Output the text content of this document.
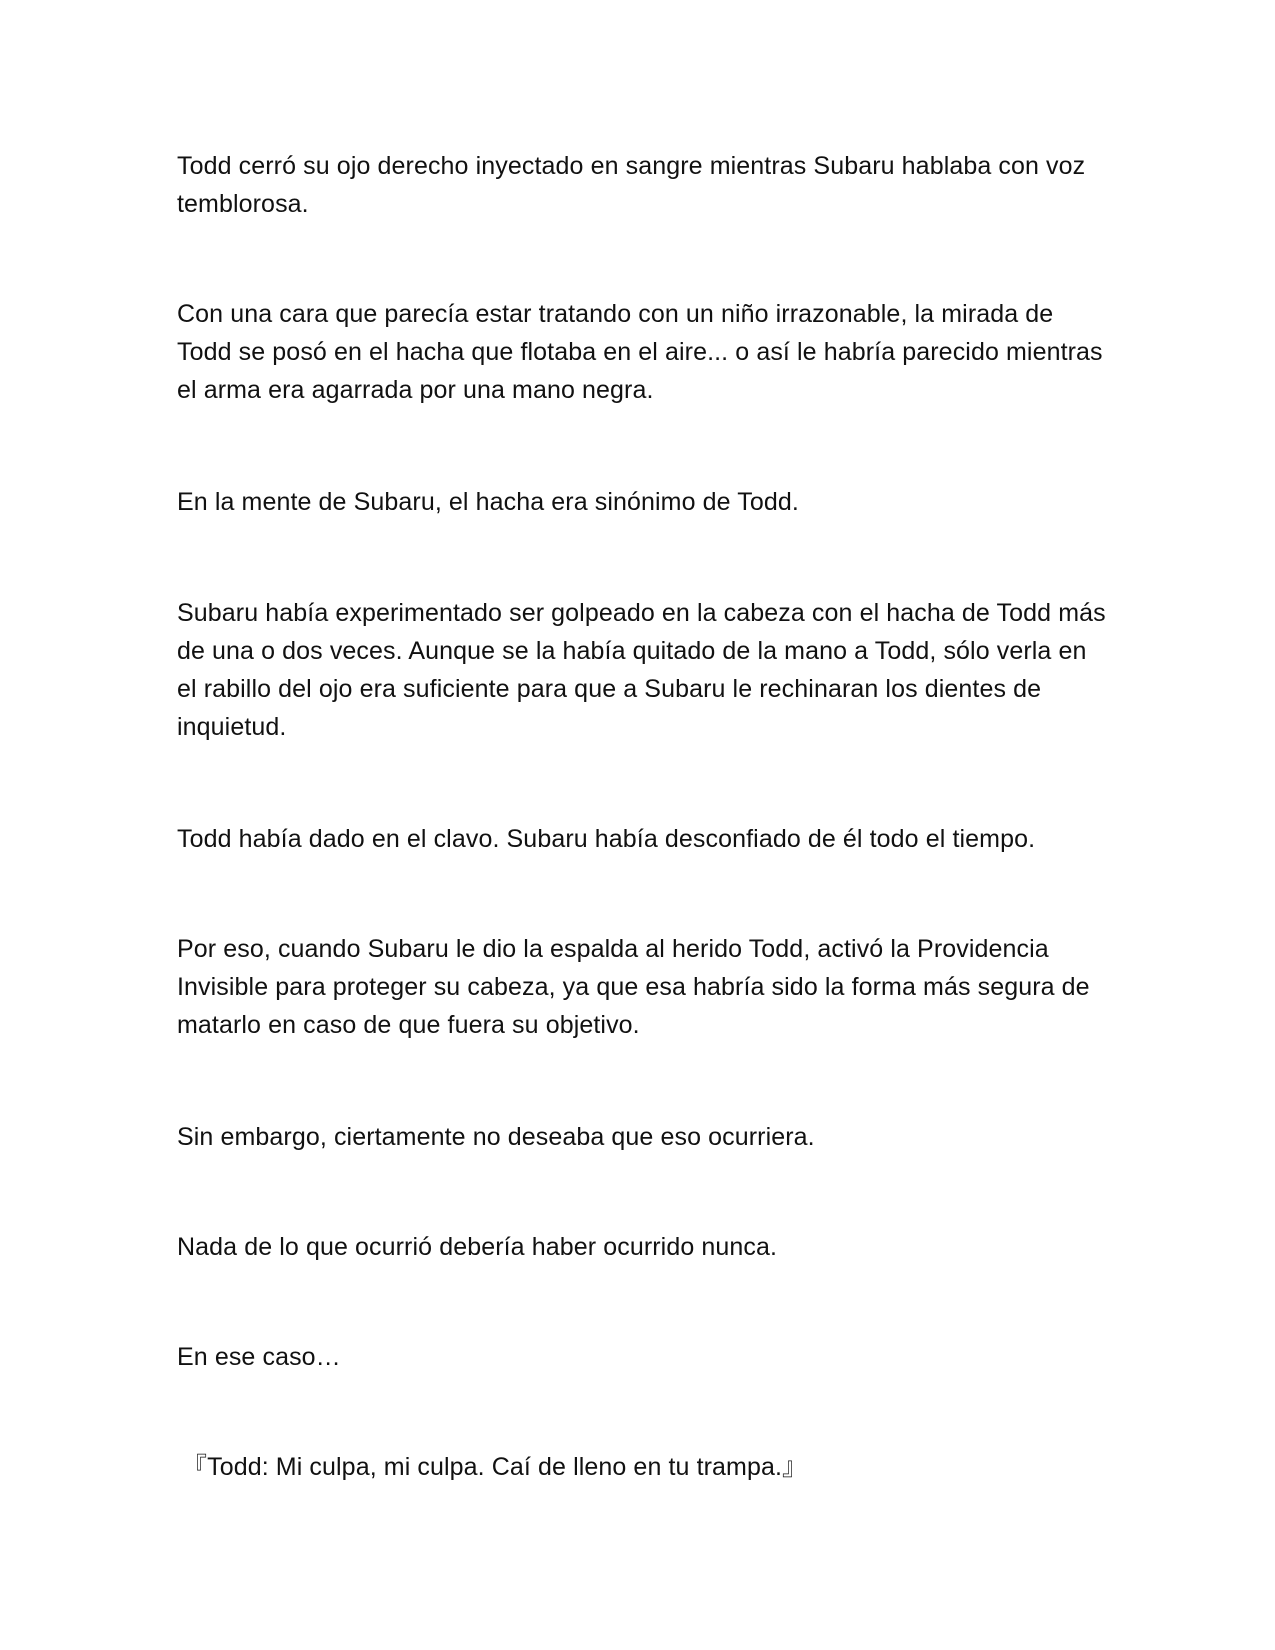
Todd cerró su ojo derecho inyectado en sangre mientras Subaru hablaba con voz temblorosa.

Con una cara que parecía estar tratando con un niño irrazonable, la mirada de Todd se posó en el hacha que flotaba en el aire... o así le habría parecido mientras el arma era agarrada por una mano negra.

En la mente de Subaru, el hacha era sinónimo de Todd.

Subaru había experimentado ser golpeado en la cabeza con el hacha de Todd más de una o dos veces. Aunque se la había quitado de la mano a Todd, sólo verla en el rabillo del ojo era suficiente para que a Subaru le rechinaran los dientes de inquietud.

Todd había dado en el clavo. Subaru había desconfiado de él todo el tiempo.

Por eso, cuando Subaru le dio la espalda al herido Todd, activó la Providencia Invisible para proteger su cabeza, ya que esa habría sido la forma más segura de matarlo en caso de que fuera su objetivo.

Sin embargo, ciertamente no deseaba que eso ocurriera.

Nada de lo que ocurrió debería haber ocurrido nunca.

En ese caso…

『Todd: Mi culpa, mi culpa. Caí de lleno en tu trampa.』
